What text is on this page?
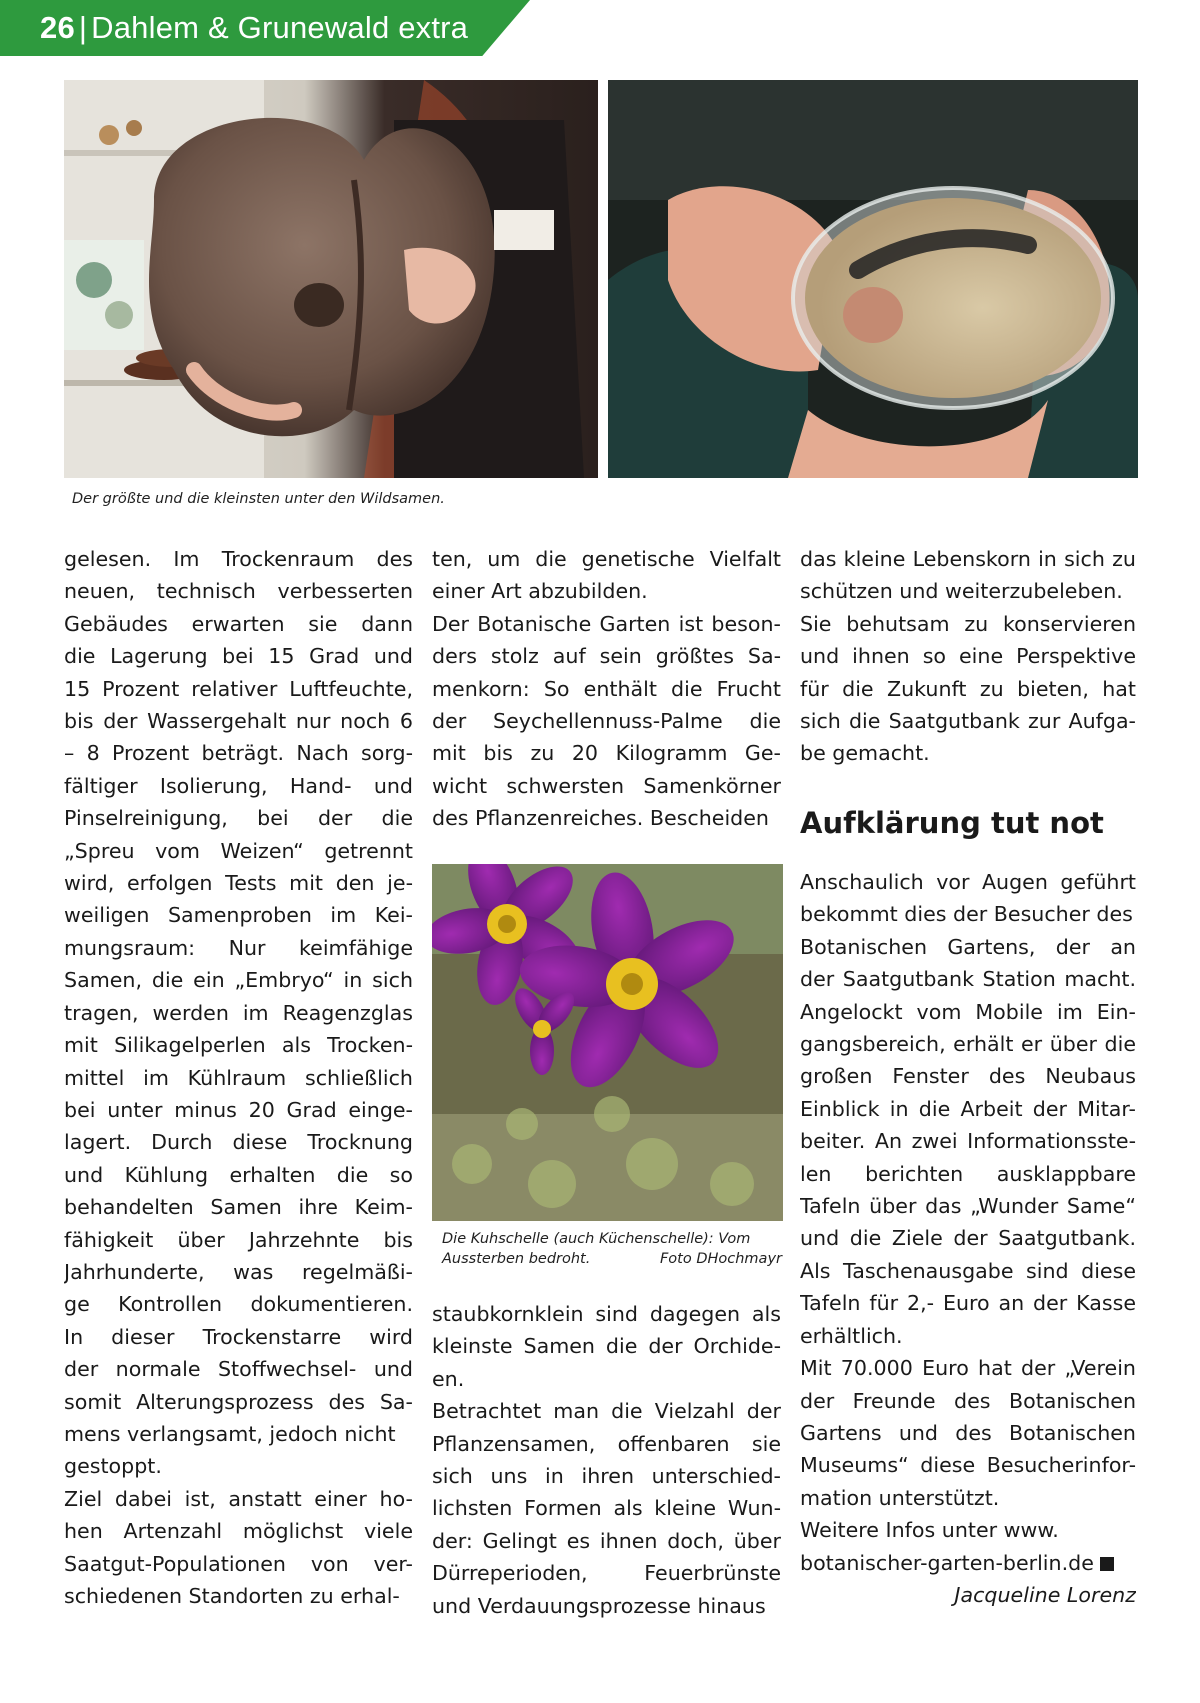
26 | Dahlem & Grunewald extra
Der größte und die kleinsten unter den Wildsamen.
gelesen. Im Trockenraum des
neuen, technisch verbesserten
Gebäudes erwarten sie dann
die Lagerung bei 15 Grad und
15 Prozent relativer Luftfeuchte,
bis der Wassergehalt nur noch 6
– 8 Prozent beträgt. Nach sorg-
fältiger Isolierung, Hand- und
Pinselreinigung, bei der die
„Spreu vom Weizen“ getrennt
wird, erfolgen Tests mit den je-
weiligen Samenproben im Kei-
mungsraum: Nur keimfähige
Samen, die ein „Embryo“ in sich
tragen, werden im Reagenzglas
mit Silikagelperlen als Trocken-
mittel im Kühlraum schließlich
bei unter minus 20 Grad einge-
lagert. Durch diese Trocknung
und Kühlung erhalten die so
behandelten Samen ihre Keim-
fähigkeit über Jahrzehnte bis
Jahrhunderte, was regelmäßi-
ge Kontrollen dokumentieren.
In dieser Trockenstarre wird
der normale Stoffwechsel- und
somit Alterungsprozess des Sa-
mens verlangsamt, jedoch nicht
gestoppt.
Ziel dabei ist, anstatt einer ho-
hen Artenzahl möglichst viele
Saatgut-Populationen von ver-
schiedenen Standorten zu erhal-
ten, um die genetische Vielfalt
einer Art abzubilden.
Der Botanische Garten ist beson-
ders stolz auf sein größtes Sa-
menkorn: So enthält die Frucht
der Seychellennuss-Palme die
mit bis zu 20 Kilogramm Ge-
wicht schwersten Samenkörner
des Pflanzenreiches. Bescheiden
Die Kuhschelle (auch Küchenschelle): Vom
Aussterben bedroht.	Foto DHochmayr
staubkornklein sind dagegen als
kleinste Samen die der Orchide-
en.
Betrachtet man die Vielzahl der
Pflanzensamen, offenbaren sie
sich uns in ihren unterschied-
lichsten Formen als kleine Wun-
der: Gelingt es ihnen doch, über
Dürreperioden, Feuerbrünste
und Verdauungsprozesse hinaus
das kleine Lebenskorn in sich zu
schützen und weiterzubeleben.
Sie behutsam zu konservieren
und ihnen so eine Perspektive
für die Zukunft zu bieten, hat
sich die Saatgutbank zur Aufga-
be gemacht.
Aufklärung tut not
Anschaulich vor Augen geführt
bekommt dies der Besucher des
Botanischen Gartens, der an
der Saatgutbank Station macht.
Angelockt vom Mobile im Ein-
gangsbereich, erhält er über die
großen Fenster des Neubaus
Einblick in die Arbeit der Mitar-
beiter. An zwei Informationsste-
len berichten ausklappbare
Tafeln über das „Wunder Same“
und die Ziele der Saatgutbank.
Als Taschenausgabe sind diese
Tafeln für 2,- Euro an der Kasse
erhältlich.
Mit 70.000 Euro hat der „Verein
der Freunde des Botanischen
Gartens und des Botanischen
Museums“ diese Besucherinfor-
mation unterstützt.
Weitere Infos unter www.
botanischer-garten-berlin.de
Jacqueline Lorenz
